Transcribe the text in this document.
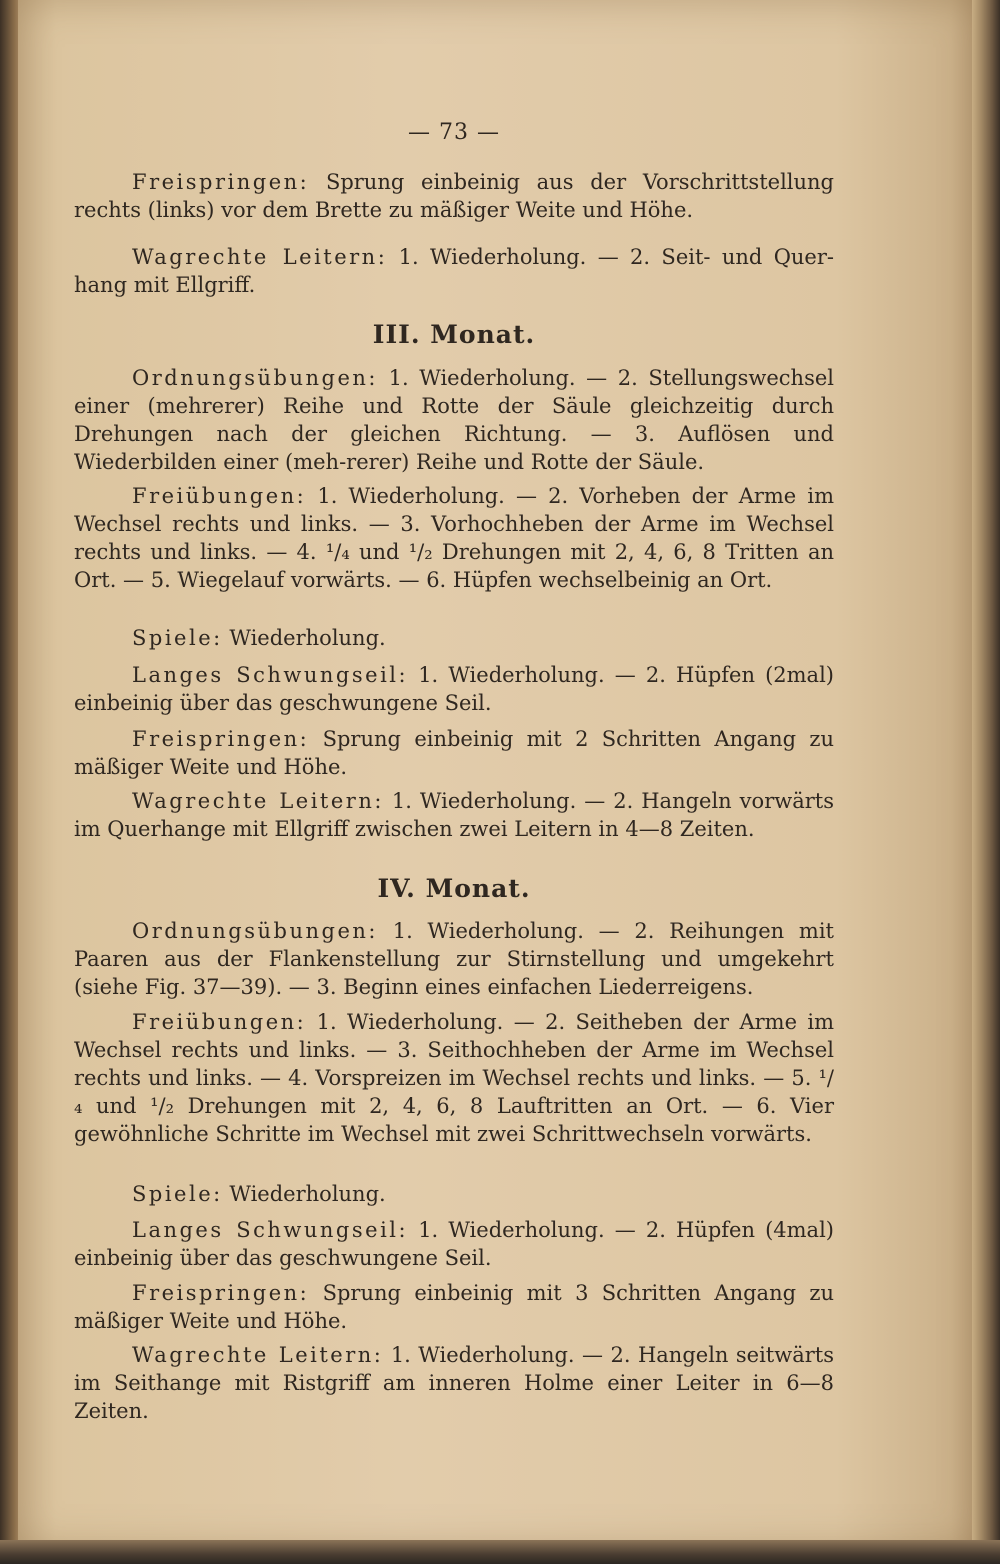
— 73 —

Freispringen: Sprung einbeinig aus der Vorschrittstellung rechts (links) vor dem Brette zu mäßiger Weite und Höhe.

Wagrechte Leitern: 1. Wiederholung. — 2. Seit- und Quer-hang mit Ellgriff.

III. Monat.

Ordnungsübungen: 1. Wiederholung. — 2. Stellungswechsel einer (mehrerer) Reihe und Rotte der Säule gleichzeitig durch Drehungen nach der gleichen Richtung. — 3. Auflösen und Wiederbilden einer (meh-rerer) Reihe und Rotte der Säule.

Freiübungen: 1. Wiederholung. — 2. Vorheben der Arme im Wechsel rechts und links. — 3. Vorhochheben der Arme im Wechsel rechts und links. — 4. ¹/₄ und ¹/₂ Drehungen mit 2, 4, 6, 8 Tritten an Ort. — 5. Wiegelauf vorwärts. — 6. Hüpfen wechselbeinig an Ort.

Spiele: Wiederholung.

Langes Schwungseil: 1. Wiederholung. — 2. Hüpfen (2mal) einbeinig über das geschwungene Seil.

Freispringen: Sprung einbeinig mit 2 Schritten Angang zu mäßiger Weite und Höhe.

Wagrechte Leitern: 1. Wiederholung. — 2. Hangeln vorwärts im Querhange mit Ellgriff zwischen zwei Leitern in 4—8 Zeiten.

IV. Monat.

Ordnungsübungen: 1. Wiederholung. — 2. Reihungen mit Paaren aus der Flankenstellung zur Stirnstellung und umgekehrt (siehe Fig. 37—39). — 3. Beginn eines einfachen Liederreigens.

Freiübungen: 1. Wiederholung. — 2. Seitheben der Arme im Wechsel rechts und links. — 3. Seithochheben der Arme im Wechsel rechts und links. — 4. Vorspreizen im Wechsel rechts und links. — 5. ¹/₄ und ¹/₂ Drehungen mit 2, 4, 6, 8 Lauftritten an Ort. — 6. Vier gewöhnliche Schritte im Wechsel mit zwei Schrittwechseln vorwärts.

Spiele: Wiederholung.

Langes Schwungseil: 1. Wiederholung. — 2. Hüpfen (4mal) einbeinig über das geschwungene Seil.

Freispringen: Sprung einbeinig mit 3 Schritten Angang zu mäßiger Weite und Höhe.

Wagrechte Leitern: 1. Wiederholung. — 2. Hangeln seitwärts im Seithange mit Ristgriff am inneren Holme einer Leiter in 6—8 Zeiten.
